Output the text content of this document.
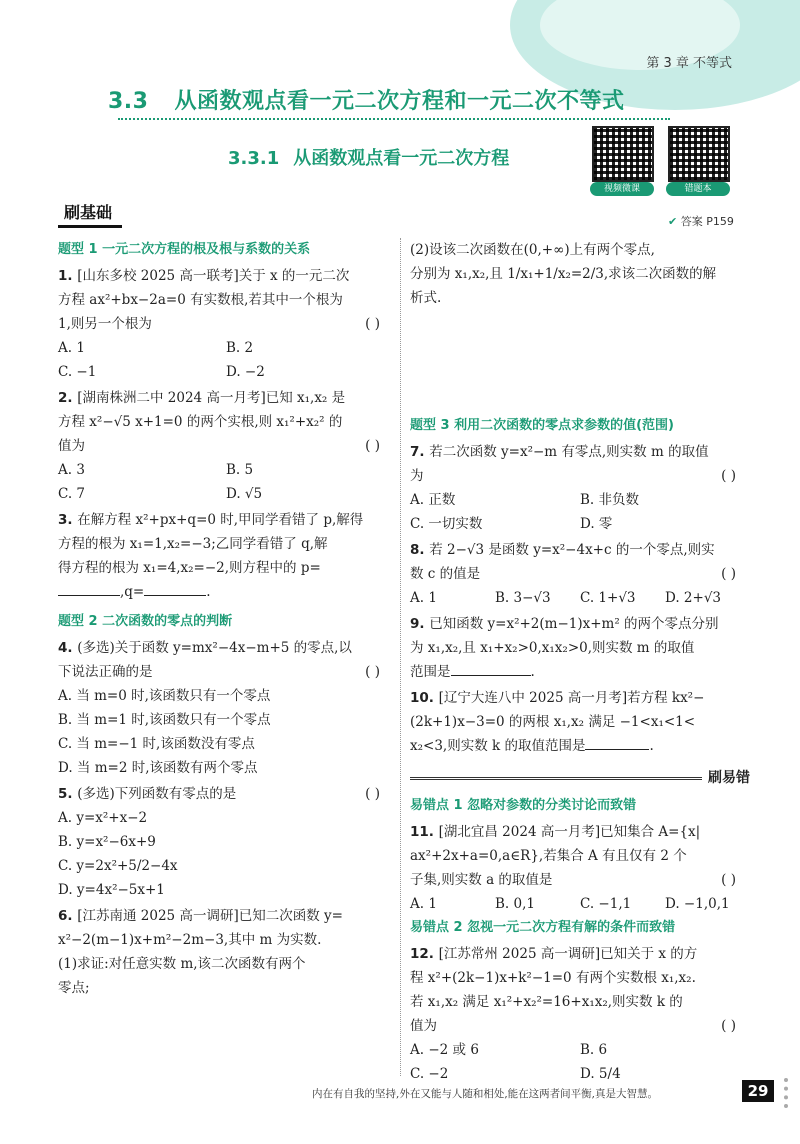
第 3 章 不等式
3.3 从函数观点看一元二次方程和一元二次不等式
3.3.1 从函数观点看一元二次方程
视频微课	错题本
刷基础	✔ 答案 P159

题型 1 一元二次方程的根及根与系数的关系

1. [山东多校 2025 高一联考]关于 x 的一元二次

方程 ax²+bx−2a=0 有实数根,若其中一个根为

1,则另一个根为	( )

A. 1	B. 2
C. −1	D. −2

2. [湖南株洲二中 2024 高一月考]已知 x₁,x₂ 是

方程 x²−√5 x+1=0 的两个实根,则 x₁²+x₂² 的

值为	( )

A. 3	B. 5
C. 7	D. √5

3. 在解方程 x²+px+q=0 时,甲同学看错了 p,解得

方程的根为 x₁=1,x₂=−3;乙同学看错了 q,解

得方程的根为 x₁=4,x₂=−2,则方程中的 p=

,q=	.

题型 2 二次函数的零点的判断

4. (多选)关于函数 y=mx²−4x−m+5 的零点,以

下说法正确的是	( )

A. 当 m=0 时,该函数只有一个零点

B. 当 m=1 时,该函数只有一个零点

C. 当 m=−1 时,该函数没有零点

D. 当 m=2 时,该函数有两个零点

5. (多选)下列函数有零点的是	( )

A. y=x²+x−2

B. y=x²−6x+9

C. y=2x²+5/2−4x

D. y=4x²−5x+1

6. [江苏南通 2025 高一调研]已知二次函数 y=

x²−2(m−1)x+m²−2m−3,其中 m 为实数.

(1)求证:对任意实数 m,该二次函数有两个

零点;

(2)设该二次函数在(0,+∞)上有两个零点,

分别为 x₁,x₂,且 1/x₁+1/x₂=2/3,求该二次函数的解

析式.

题型 3 利用二次函数的零点求参数的值(范围)

7. 若二次函数 y=x²−m 有零点,则实数 m 的取值

为	( )

A. 正数	B. 非负数
C. 一切实数	D. 零

8. 若 2−√3 是函数 y=x²−4x+c 的一个零点,则实

数 c 的值是	( )

A. 1	B. 3−√3	C. 1+√3	D. 2+√3

9. 已知函数 y=x²+2(m−1)x+m² 的两个零点分别

为 x₁,x₂,且 x₁+x₂>0,x₁x₂>0,则实数 m 的取值

范围是	.

10. [辽宁大连八中 2025 高一月考]若方程 kx²−

(2k+1)x−3=0 的两根 x₁,x₂ 满足 −1<x₁<1<

x₂<3,则实数 k 的取值范围是	.

刷易错

易错点 1 忽略对参数的分类讨论而致错

11. [湖北宜昌 2024 高一月考]已知集合 A={x|

ax²+2x+a=0,a∈R},若集合 A 有且仅有 2 个

子集,则实数 a 的取值是	( )

A. 1	B. 0,1	C. −1,1	D. −1,0,1

易错点 2 忽视一元二次方程有解的条件而致错

12. [江苏常州 2025 高一调研]已知关于 x 的方

程 x²+(2k−1)x+k²−1=0 有两个实数根 x₁,x₂.

若 x₁,x₂ 满足 x₁²+x₂²=16+x₁x₂,则实数 k 的

值为	( )

A. −2 或 6	B. 6
C. −2	D. 5/4
内在有自我的坚持,外在又能与人随和相处,能在这两者间平衡,真是大智慧。	29
